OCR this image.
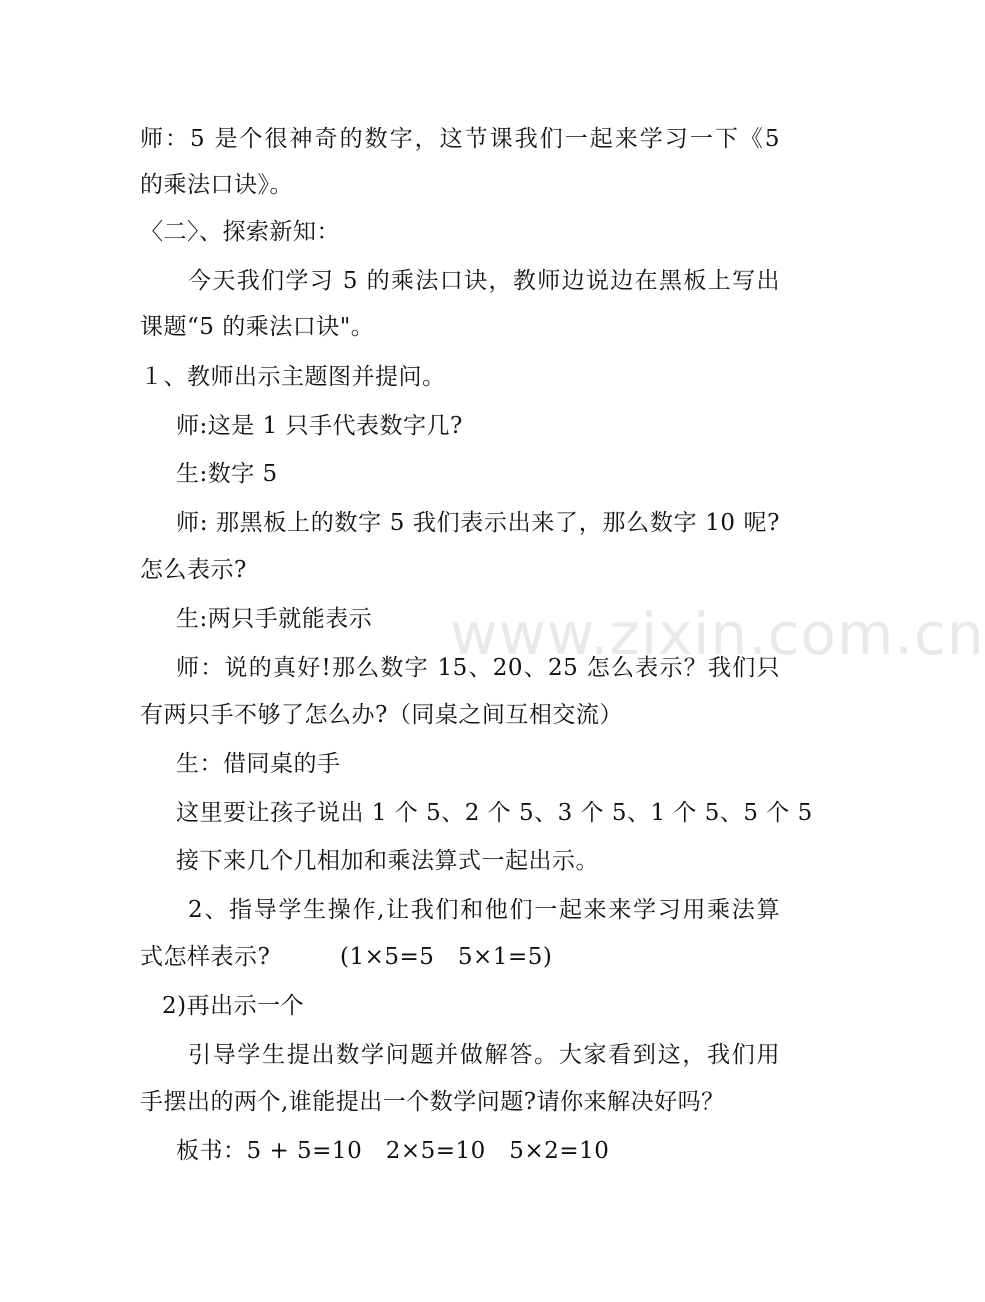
师：5 是个很神奇的数字，这节课我们一起来学习一下《5
的乘法口诀》。
〈二〉、探索新知：
今天我们学习 5 的乘法口诀，教师边说边在黑板上写出
课题“5 的乘法口诀"。
１、教师出示主题图并提问。
师:这是 1 只手代表数字几?
生:数字 5
师: 那黑板上的数字 5 我们表示出来了，那么数字 10 呢?
怎么表示?
生:两只手就能表示
师：说的真好!那么数字 15、20、25 怎么表示？我们只
有两只手不够了怎么办?（同桌之间互相交流）
生：借同桌的手
这里要让孩子说出 1 个 5、2 个 5、3 个 5、1 个 5、5 个 5
接下来几个几相加和乘法算式一起出示。
2、指导学生操作,让我们和他们一起来来学习用乘法算
式怎样表示?	(1×5=5　5×1=5)
2)再出示一个
引导学生提出数学问题并做解答。大家看到这，我们用
手摆出的两个,谁能提出一个数学问题?请你来解决好吗？
板书：5 + 5=10　2×5=10　5×2=10
www.zixin.com.cn
